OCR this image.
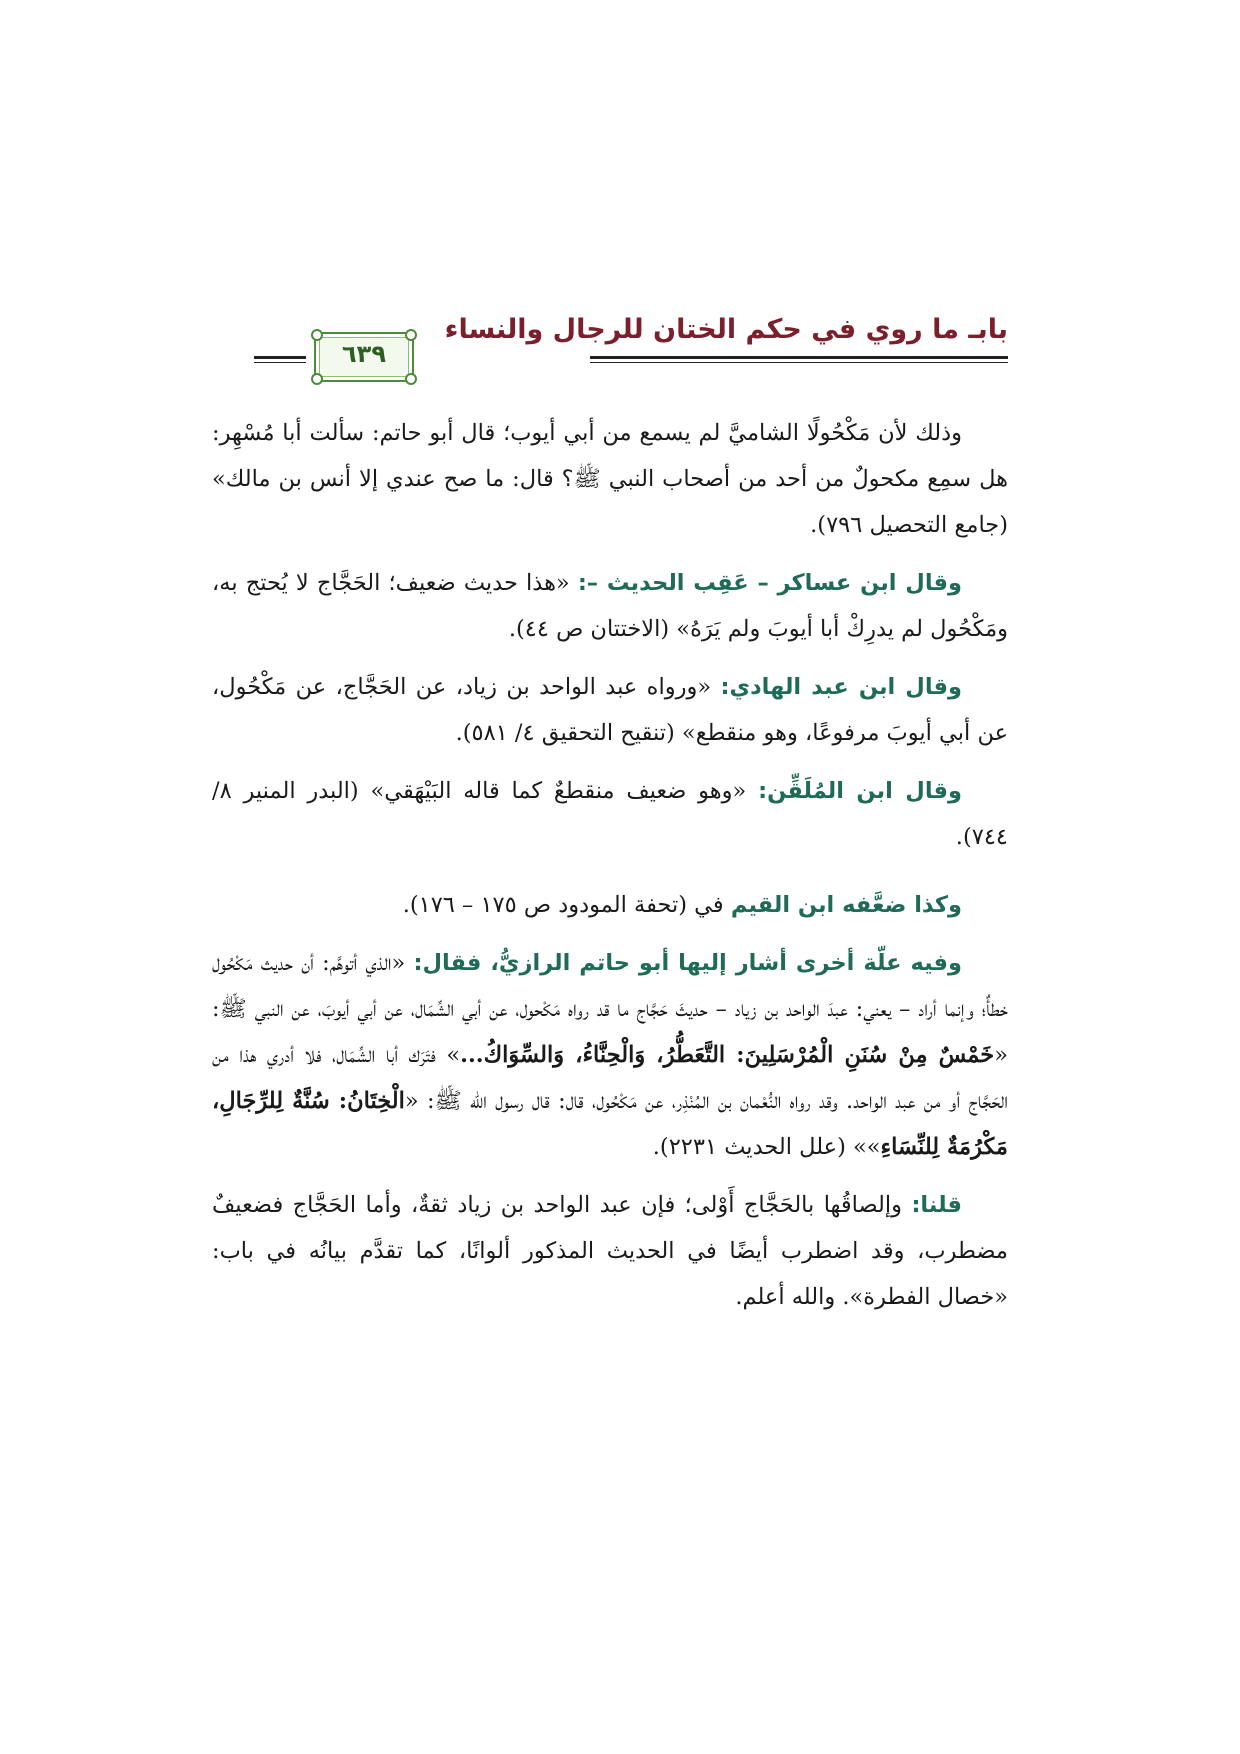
بابـ ما روي في حكم الختان للرجال والنساء
٦٣٩

وذلك لأن مَكْحُولًا الشاميَّ لم يسمع من أبي أيوب؛ قال أبو حاتم: سألت أبا مُسْهِر: هل سمِع مكحولٌ من أحد من أصحاب النبي ﷺ؟ قال: ما صح عندي إلا أنس بن مالك» (جامع التحصيل ٧٩٦).

وقال ابن عساكر – عَقِب الحديث –: «هذا حديث ضعيف؛ الحَجَّاج لا يُحتج به، ومَكْحُول لم يدرِكْ أبا أيوبَ ولم يَرَهُ» (الاختتان ص ٤٤).

وقال ابن عبد الهادي: «ورواه عبد الواحد بن زياد، عن الحَجَّاج، عن مَكْحُول، عن أبي أيوبَ مرفوعًا، وهو منقطع» (تنقيح التحقيق ٤/ ٥٨١).

وقال ابن المُلَقِّن: «وهو ضعيف منقطعٌ كما قاله البَيْهَقي» (البدر المنير ٨/ ٧٤٤).

وكذا ضعَّفه ابن القيم في (تحفة المودود ص ١٧٥ – ١٧٦).

وفيه علّة أخرى أشار إليها أبو حاتم الرازيُّ، فقال: «الذي أتوهَّم: أن حديث مَكْحُول خطأٌ؛ وإنما أراد – يعني: عبدَ الواحد بن زياد – حديثَ حَجَّاج ما قد رواه مَكْحول، عن أبي الشِّمَال، عن أبي أيوبَ، عن النبي ﷺ: «خَمْسٌ مِنْ سُنَنِ الْمُرْسَلِينَ: التَّعَطُّرُ، وَالْحِنَّاءُ، وَالسِّوَاكُ...» فتَرَك أبا الشِّمَال، فلا أدري هذا من الحَجَّاج أو من عبد الواحد. وقد رواه النُّعْمان بن المُنْذِر، عن مَكْحُول، قال: قال رسول الله ﷺ: «الْخِتَانُ: سُنَّةٌ لِلرِّجَالِ، مَكْرُمَةٌ لِلنِّسَاءِ»» (علل الحديث ٢٢٣١).

قلنا: وإلصاقُها بالحَجَّاج أَوْلى؛ فإن عبد الواحد بن زياد ثقةٌ، وأما الحَجَّاج فضعيفٌ مضطرب، وقد اضطرب أيضًا في الحديث المذكور ألوانًا، كما تقدَّم بيانُه في باب: «خصال الفطرة». والله أعلم.
